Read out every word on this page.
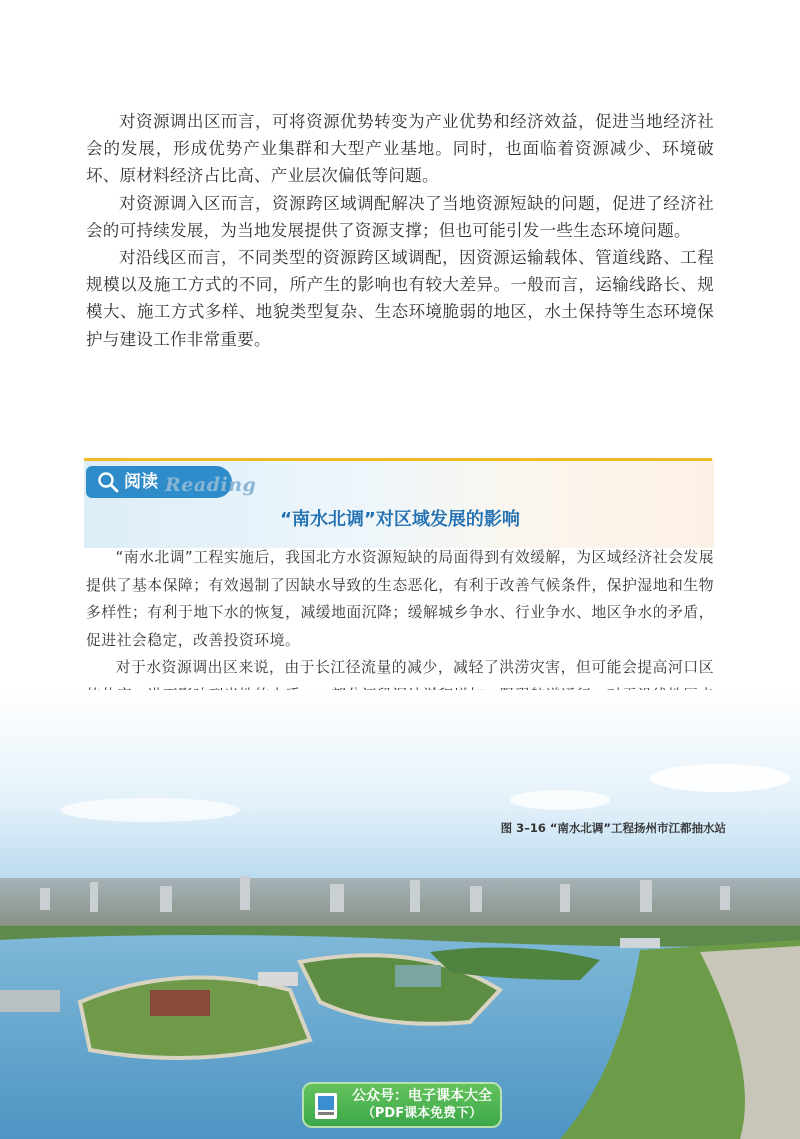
对资源调出区而言，可将资源优势转变为产业优势和经济效益，促进当地经济社会的发展，形成优势产业集群和大型产业基地。同时，也面临着资源减少、环境破坏、原材料经济占比高、产业层次偏低等问题。

对资源调入区而言，资源跨区域调配解决了当地资源短缺的问题，促进了经济社会的可持续发展，为当地发展提供了资源支撑；但也可能引发一些生态环境问题。

对沿线区而言，不同类型的资源跨区域调配，因资源运输载体、管道线路、工程规模以及施工方式的不同，所产生的影响也有较大差异。一般而言，运输线路长、规模大、施工方式多样、地貌类型复杂、生态环境脆弱的地区，水土保持等生态环境保护与建设工作非常重要。

阅读 Reading
“南水北调”对区域发展的影响

“南水北调”工程实施后，我国北方水资源短缺的局面得到有效缓解，为区域经济社会发展提供了基本保障；有效遏制了因缺水导致的生态恶化，有利于改善气候条件，保护湿地和生物多样性；有利于地下水的恢复，减缓地面沉降；缓解城乡争水、行业争水、地区争水的矛盾，促进社会稳定，改善投资环境。

对于水资源调出区来说，由于长江径流量的减少，减轻了洪涝灾害，但可能会提高河口区

图 3–16 “南水北调”工程扬州市江都抽水站
公众号：电子课本大全
（PDF课本免费下）
